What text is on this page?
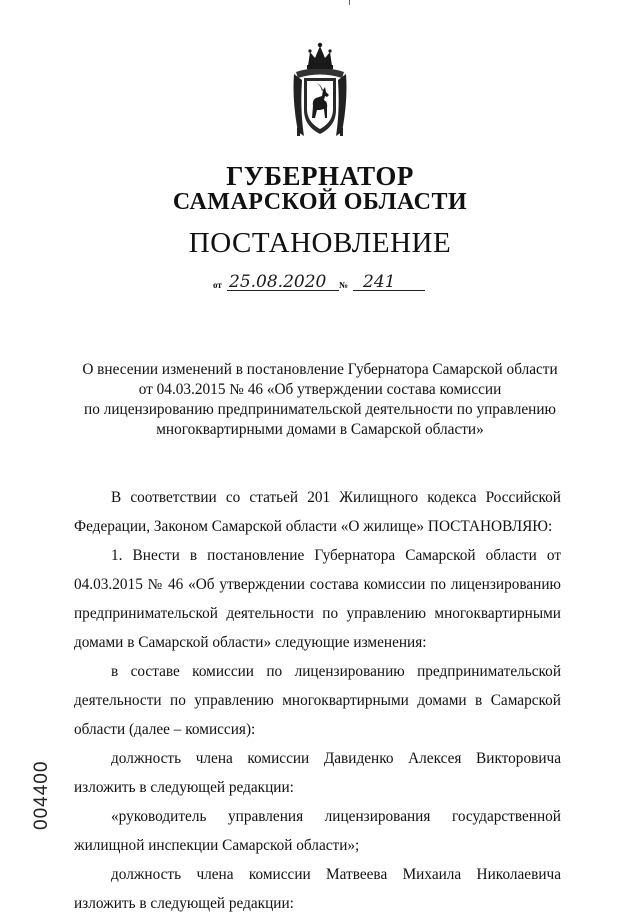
ГУБЕРНАТОР
САМАРСКОЙ ОБЛАСТИ
ПОСТАНОВЛЕНИЕ
от 25.08.2020 № 241
О внесении изменений в постановление Губернатора Самарской области
от 04.03.2015 № 46 «Об утверждении состава комиссии
по лицензированию предпринимательской деятельности по управлению
многоквартирными домами в Самарской области»

В соответствии со статьей 201 Жилищного кодекса Российской Федерации, Законом Самарской области «О жилище» ПОСТАНОВЛЯЮ:

1. Внести в постановление Губернатора Самарской области от 04.03.2015 № 46 «Об утверждении состава комиссии по лицензированию предпринимательской деятельности по управлению многоквартирными домами в Самарской области» следующие изменения:

в составе комиссии по лицензированию предпринимательской деятельности по управлению многоквартирными домами в Самарской области (далее – комиссия):

должность члена комиссии Давиденко Алексея Викторовича изложить в следующей редакции:

«руководитель управления лицензирования государственной жилищной инспекции Самарской области»;

должность члена комиссии Матвеева Михаила Николаевича изложить в следующей редакции:

004400
